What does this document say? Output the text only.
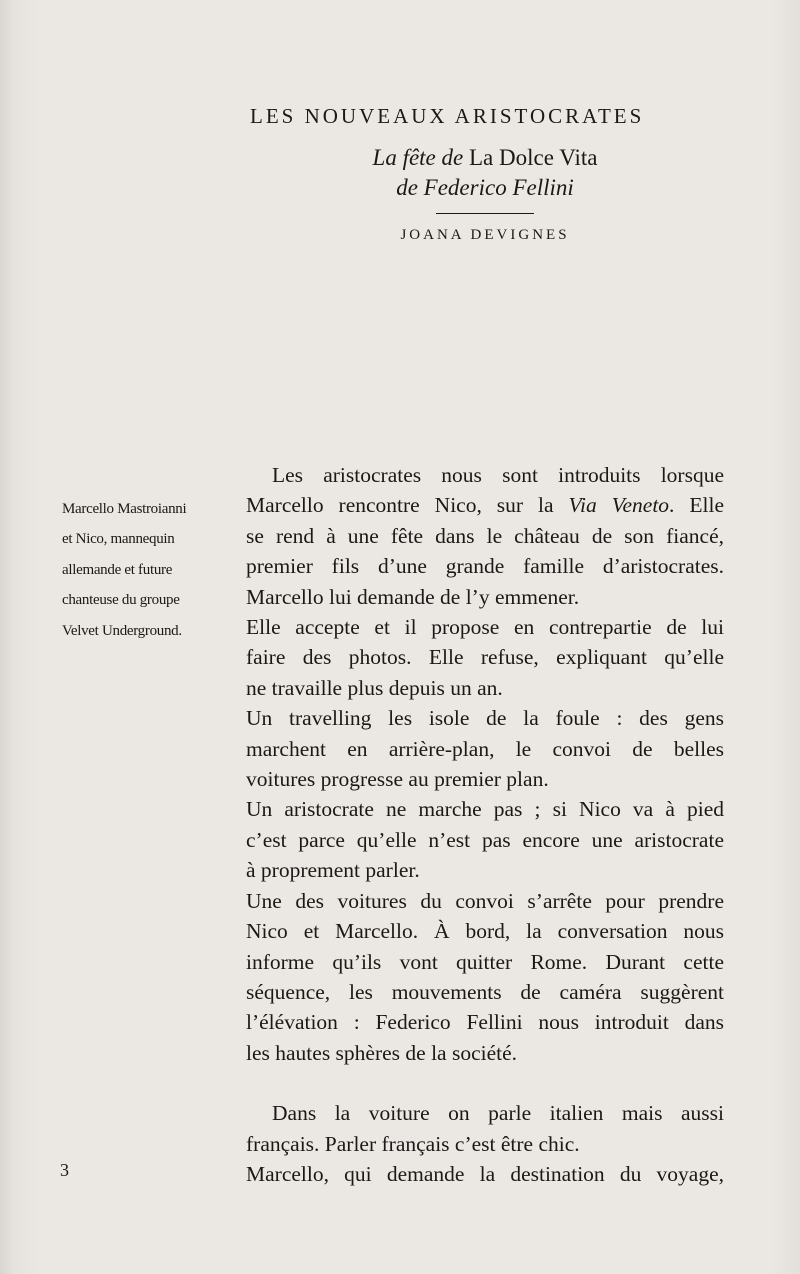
LES NOUVEAUX ARISTOCRATES
La fête de La Dolce Vita
de Federico Fellini
JOANA DEVIGNES
Marcello Mastroianni
et Nico, mannequin
allemande et future
chanteuse du groupe
Velvet Underground.

Les aristocrates nous sont introduits lorsque
Marcello rencontre Nico, sur la Via Veneto. Elle
se rend à une fête dans le château de son fiancé,
premier fils d’une grande famille d’aristocrates.
Marcello lui demande de l’y emmener.
Elle accepte et il propose en contrepartie de lui
faire des photos. Elle refuse, expliquant qu’elle
ne travaille plus depuis un an.
Un travelling les isole de la foule : des gens
marchent en arrière-plan, le convoi de belles
voitures progresse au premier plan.
Un aristocrate ne marche pas ; si Nico va à pied
c’est parce qu’elle n’est pas encore une aristocrate
à proprement parler.
Une des voitures du convoi s’arrête pour prendre
Nico et Marcello. À bord, la conversation nous
informe qu’ils vont quitter Rome. Durant cette
séquence, les mouvements de caméra suggèrent
l’élévation : Federico Fellini nous introduit dans
les hautes sphères de la société.

Dans la voiture on parle italien mais aussi
français. Parler français c’est être chic.
Marcello, qui demande la destination du voyage,

3
